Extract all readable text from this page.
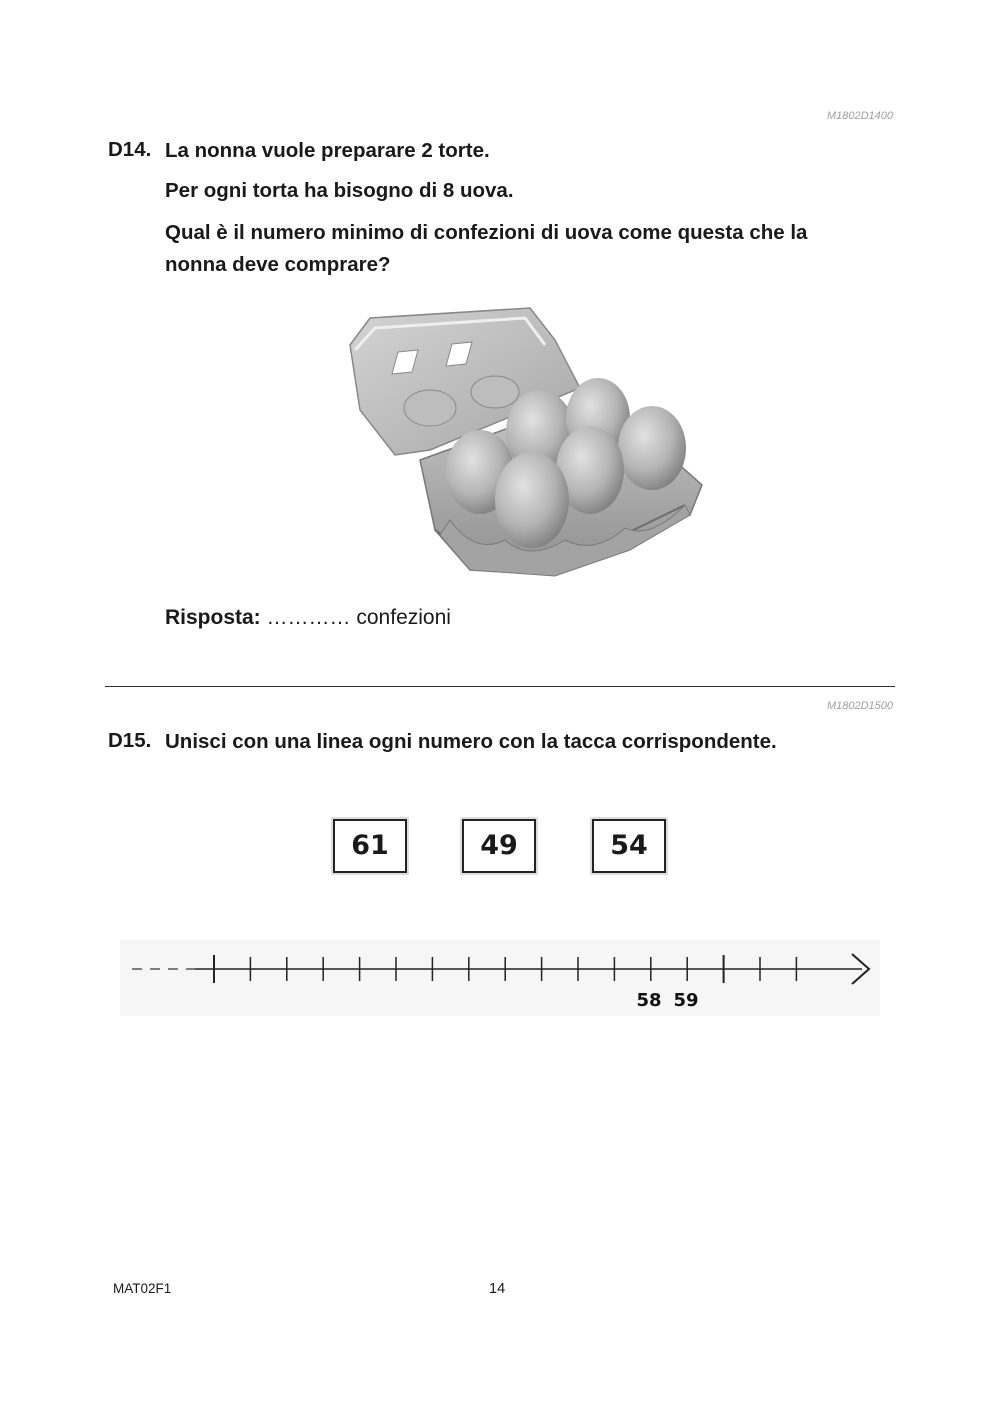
M1802D1400
D14. La nonna vuole preparare 2 torte.
Per ogni torta ha bisogno di 8 uova.
Qual è il numero minimo di confezioni di uova come questa che la
nonna deve comprare?
Risposta: ………… confezioni
M1802D1500
D15. Unisci con una linea ogni numero con la tacca corrispondente.
61	49	54
58 59
MAT02F1	14
